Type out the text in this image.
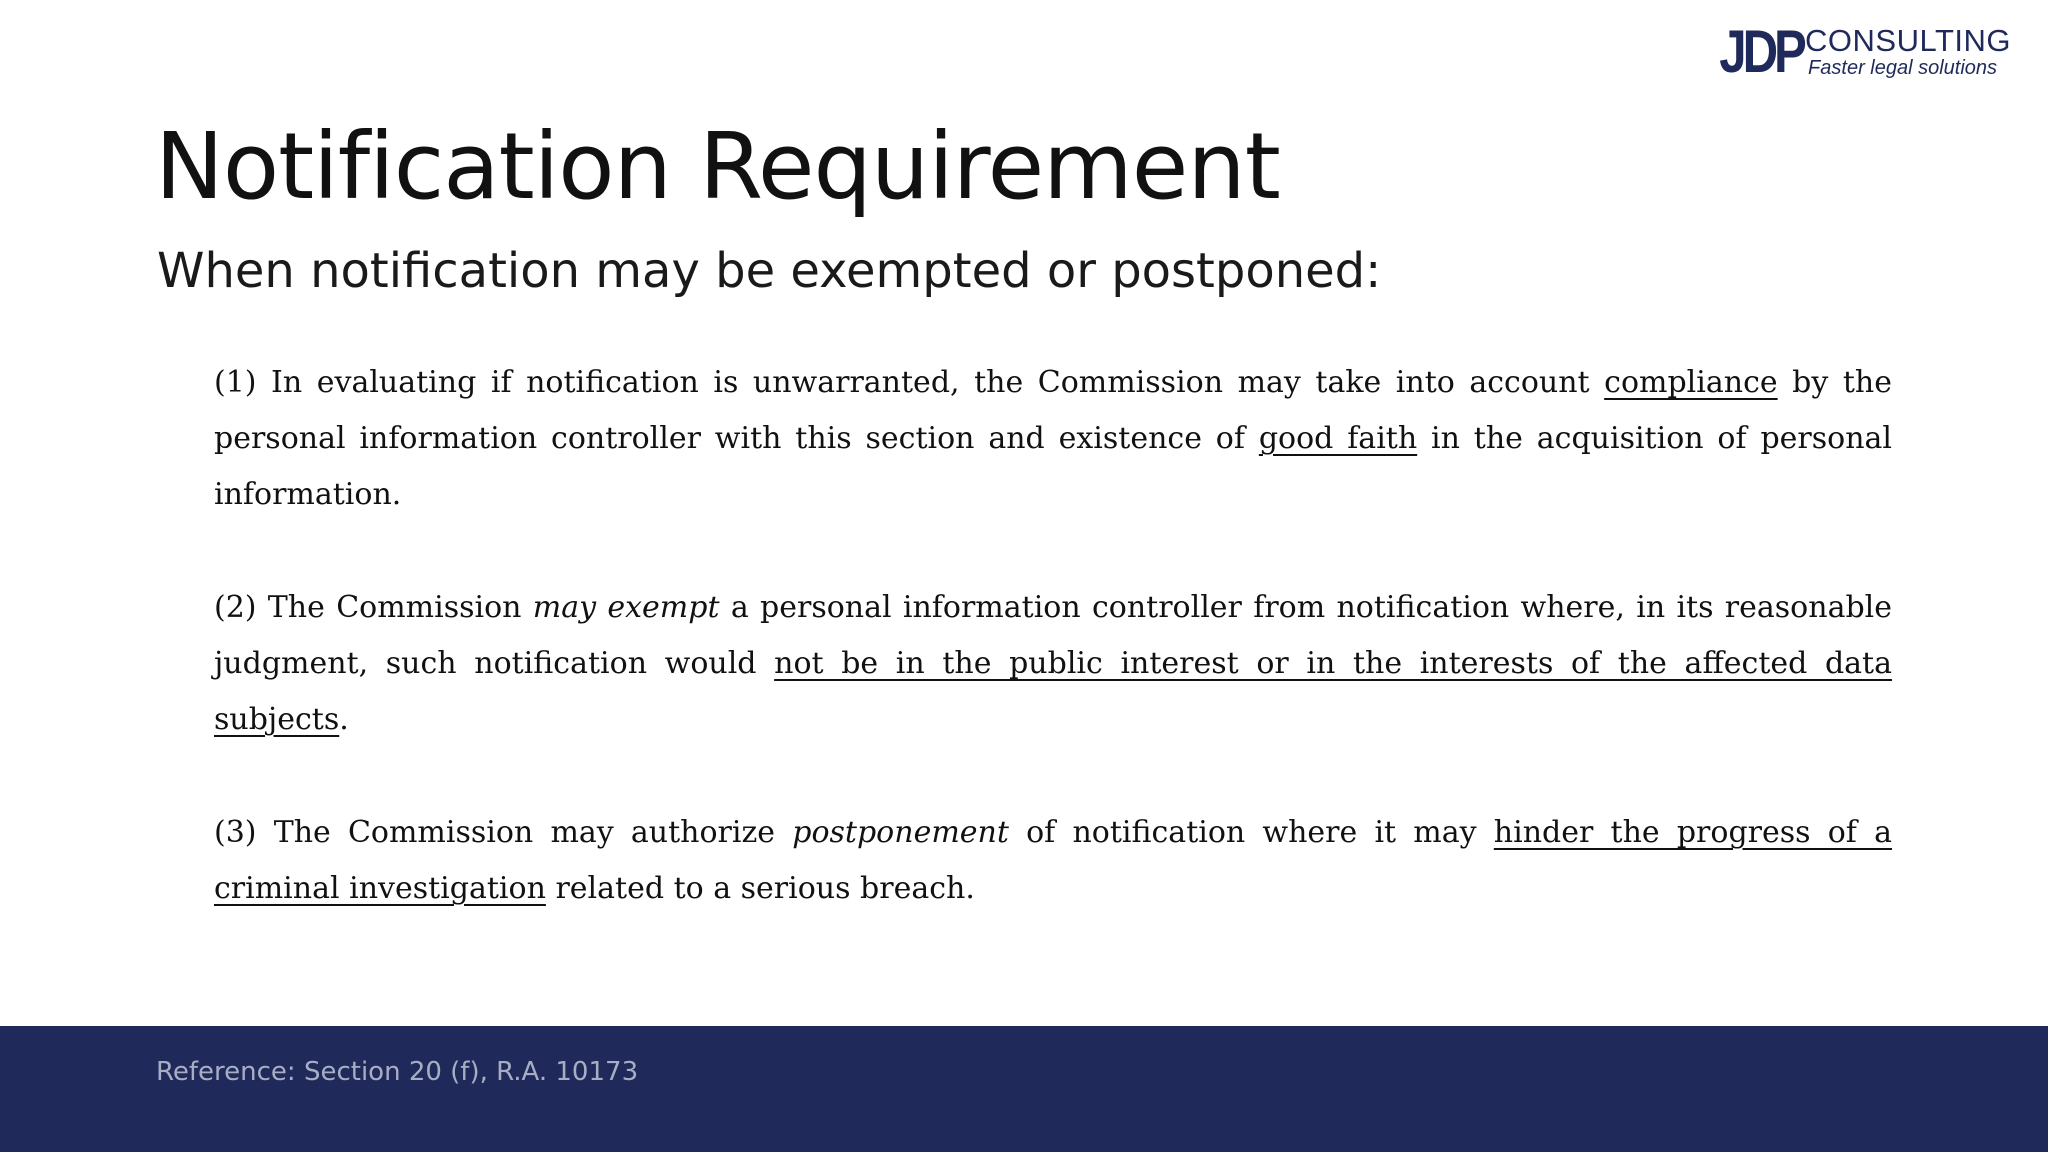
JDP CONSULTING
Faster legal solutions
Notification Requirement
When notification may be exempted or postponed:

(1) In evaluating if notification is unwarranted, the Commission may take into account compliance by the personal information controller with this section and existence of good faith in the acquisition of personal information.

(2) The Commission may exempt a personal information controller from notification where, in its reasonable judgment, such notification would not be in the public interest or in the interests of the affected data subjects.

(3) The Commission may authorize postponement of notification where it may hinder the progress of a criminal investigation related to a serious breach.

Reference: Section 20 (f), R.A. 10173
